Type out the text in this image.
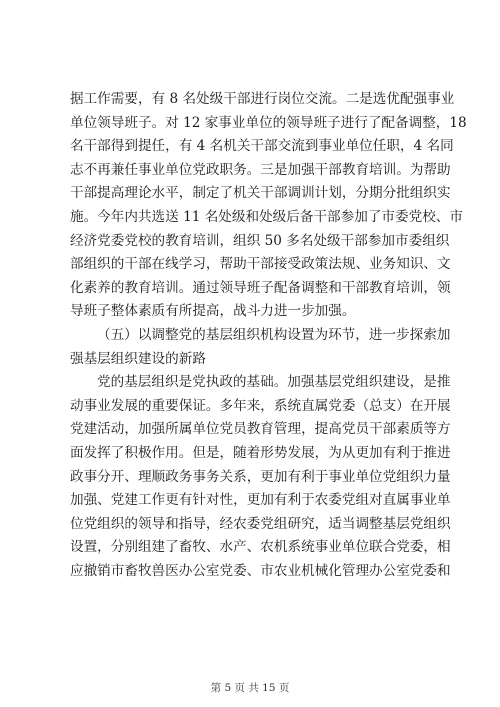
据工作需要，有 8 名处级干部进行岗位交流。二是选优配强事业
单位领导班子。对 12 家事业单位的领导班子进行了配备调整，18
名干部得到提任，有 4 名机关干部交流到事业单位任职，4 名同
志不再兼任事业单位党政职务。三是加强干部教育培训。为帮助
干部提高理论水平，制定了机关干部调训计划，分期分批组织实
施。今年内共选送 11 名处级和处级后备干部参加了市委党校、市
经济党委党校的教育培训，组织 50 多名处级干部参加市委组织
部组织的干部在线学习，帮助干部接受政策法规、业务知识、文
化素养的教育培训。通过领导班子配备调整和干部教育培训，领
导班子整体素质有所提高，战斗力进一步加强。
（五）以调整党的基层组织机构设置为环节，进一步探索加
强基层组织建设的新路
党的基层组织是党执政的基础。加强基层党组织建设，是推
动事业发展的重要保证。多年来，系统直属党委（总支）在开展
党建活动，加强所属单位党员教育管理，提高党员干部素质等方
面发挥了积极作用。但是，随着形势发展，为从更加有利于推进
政事分开、理顺政务事务关系，更加有利于事业单位党组织力量
加强、党建工作更有针对性，更加有利于农委党组对直属事业单
位党组织的领导和指导，经农委党组研究，适当调整基层党组织
设置，分别组建了畜牧、水产、农机系统事业单位联合党委，相
应撤销市畜牧兽医办公室党委、市农业机械化管理办公室党委和
第 5 页 共 15 页
